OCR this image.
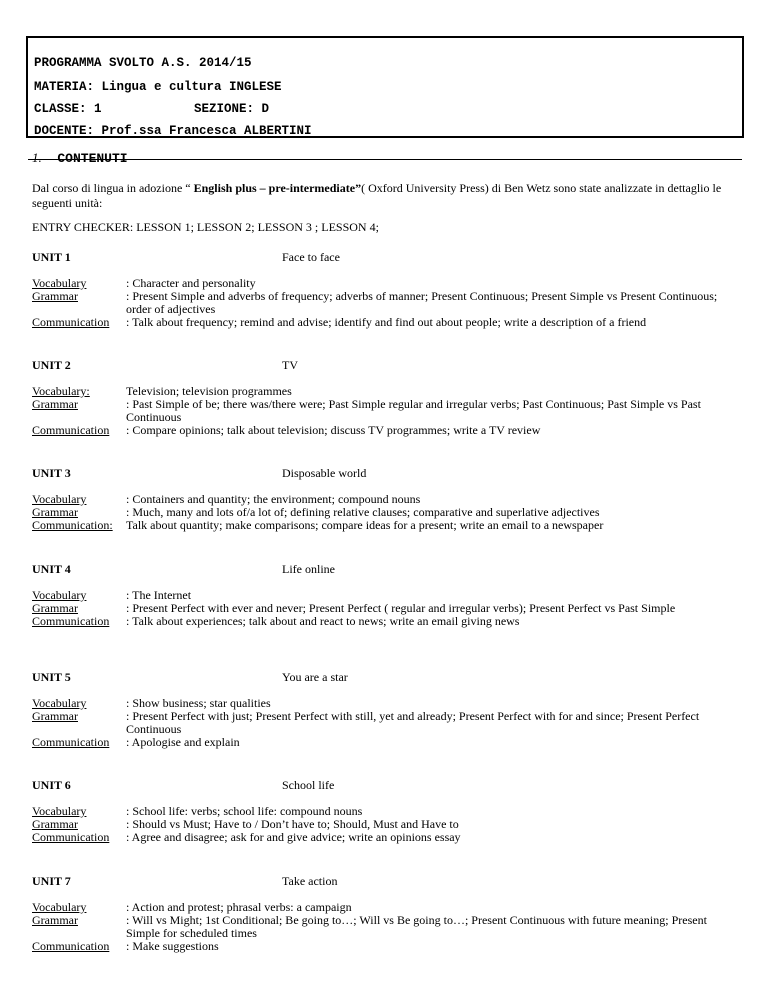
PROGRAMMA SVOLTO A.S. 2014/15
MATERIA: Lingua e cultura INGLESE
CLASSE: 1	SEZIONE: D
DOCENTE: Prof.ssa Francesca ALBERTINI
1. CONTENUTI
Dal corso di lingua in adozione “ English plus – pre-intermediate”( Oxford University Press) di Ben Wetz sono state analizzate in dettaglio le seguenti unità:
ENTRY CHECKER: LESSON 1; LESSON 2; LESSON 3 ; LESSON 4;
UNIT 1	Face to face
Vocabulary	: Character and personality
Grammar	: Present Simple and adverbs of frequency; adverbs of manner; Present Continuous; Present Simple vs Present Continuous; order of adjectives
Communication	: Talk about frequency; remind and advise; identify and find out about people; write a description of a friend
UNIT 2	TV
Vocabulary:	Television; television programmes
Grammar	: Past Simple of be; there was/there were; Past Simple regular and irregular verbs; Past Continuous; Past Simple vs Past Continuous
Communication	: Compare opinions; talk about television; discuss TV programmes; write a TV review
UNIT 3	Disposable world
Vocabulary	: Containers and quantity; the environment; compound nouns
Grammar	: Much, many and lots of/a lot of; defining relative clauses; comparative and superlative adjectives
Communication:	Talk about quantity; make comparisons; compare ideas for a present; write an email to a newspaper
UNIT 4	Life online
Vocabulary	: The Internet
Grammar	: Present Perfect with ever and never; Present Perfect ( regular and irregular verbs); Present Perfect vs Past Simple
Communication	: Talk about experiences; talk about and react to news; write an email giving news
UNIT 5	You are a star
Vocabulary	: Show business; star qualities
Grammar	: Present Perfect with just; Present Perfect with still, yet and already; Present Perfect with for and since; Present Perfect Continuous
Communication	: Apologise and explain
UNIT 6	School life
Vocabulary	: School life: verbs; school life: compound nouns
Grammar	: Should vs Must; Have to / Don’t have to; Should, Must and Have to
Communication	: Agree and disagree; ask for and give advice; write an opinions essay
UNIT 7	Take action
Vocabulary	: Action and protest; phrasal verbs: a campaign
Grammar	: Will vs Might; 1st Conditional; Be going to…; Will vs Be going to…; Present Continuous with future meaning; Present Simple for scheduled times
Communication	: Make suggestions
